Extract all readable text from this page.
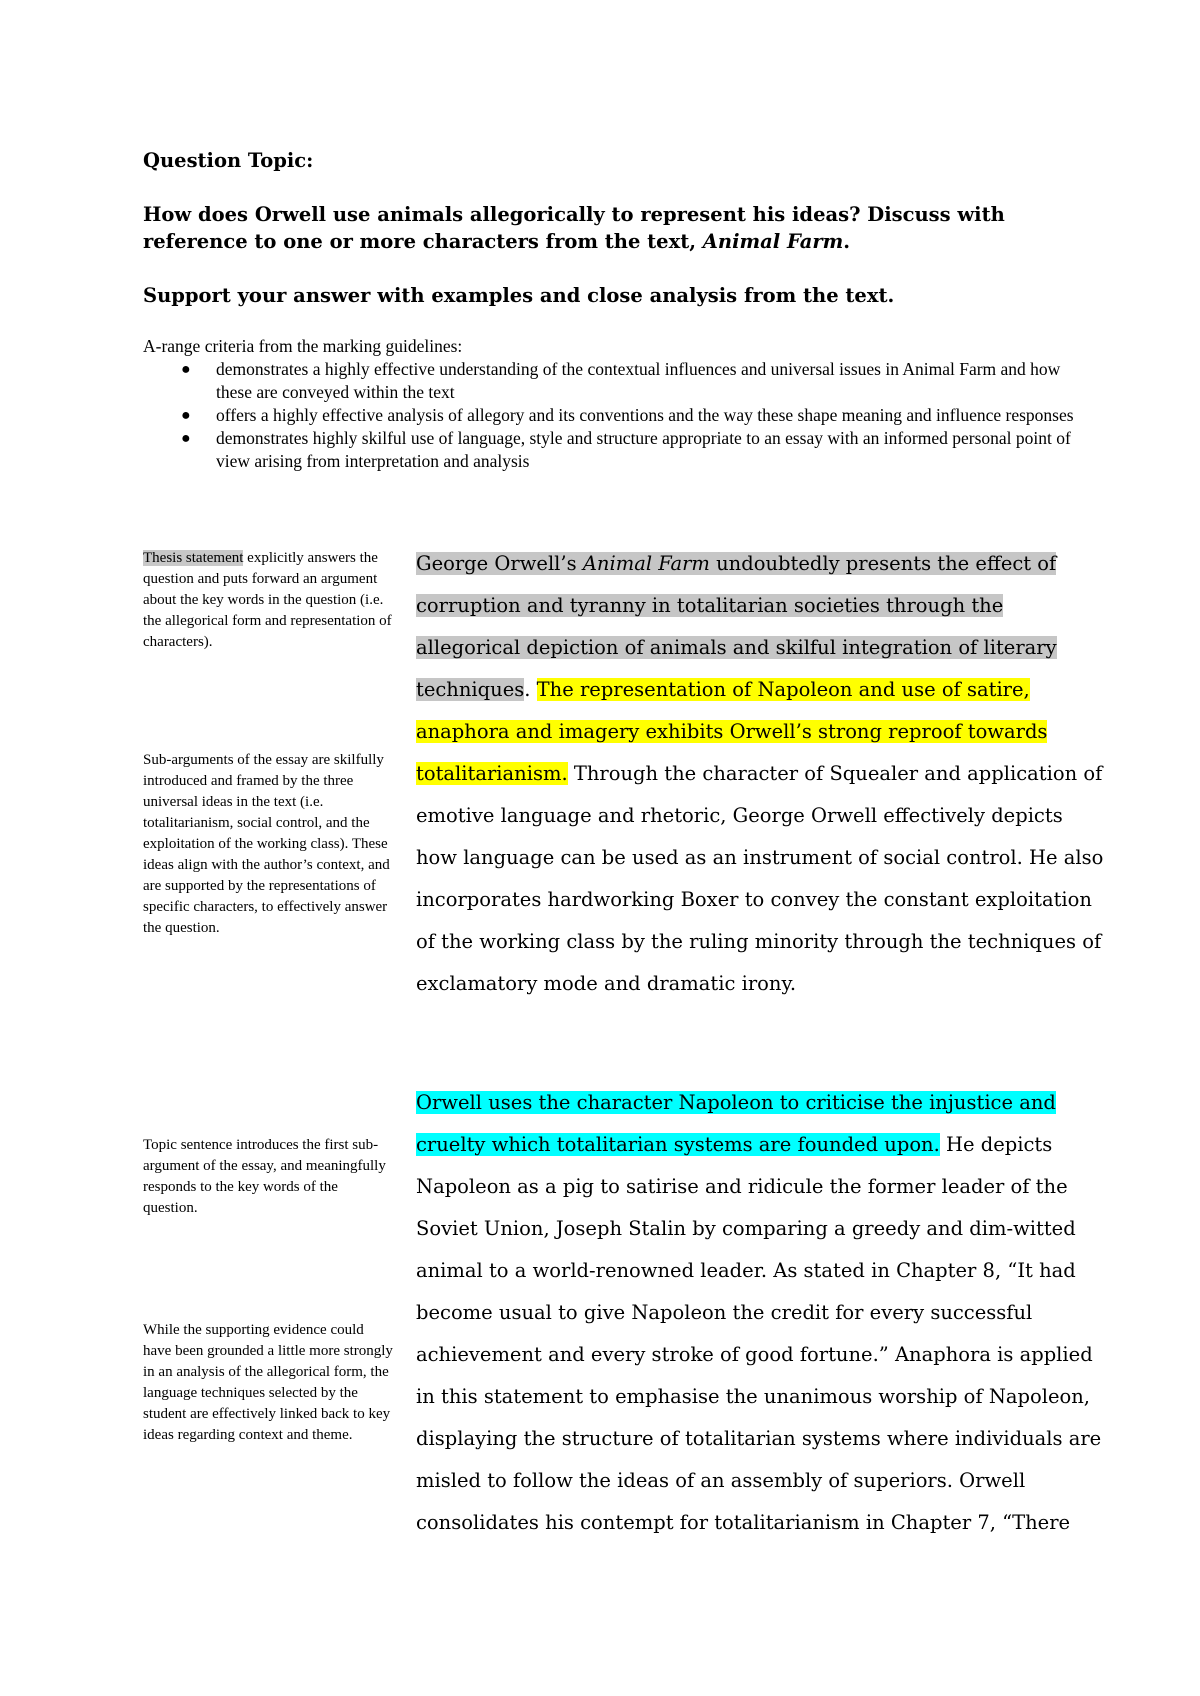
Question Topic:
How does Orwell use animals allegorically to represent his ideas? Discuss with reference to one or more characters from the text, Animal Farm.
Support your answer with examples and close analysis from the text.
A-range criteria from the marking guidelines:
● demonstrates a highly effective understanding of the contextual influences and universal issues in Animal Farm and how these are conveyed within the text
● offers a highly effective analysis of allegory and its conventions and the way these shape meaning and influence responses
● demonstrates highly skilful use of language, style and structure appropriate to an essay with an informed personal point of view arising from interpretation and analysis
Thesis statement explicitly answers the question and puts forward an argument about the key words in the question (i.e. the allegorical form and representation of characters).
Sub-arguments of the essay are skilfully introduced and framed by the three universal ideas in the text (i.e. totalitarianism, social control, and the exploitation of the working class). These ideas align with the author’s context, and are supported by the representations of specific characters, to effectively answer the question.
Topic sentence introduces the first sub-argument of the essay, and meaningfully responds to the key words of the question.
While the supporting evidence could have been grounded a little more strongly in an analysis of the allegorical form, the language techniques selected by the student are effectively linked back to key ideas regarding context and theme.
George Orwell’s Animal Farm undoubtedly presents the effect of corruption and tyranny in totalitarian societies through the allegorical depiction of animals and skilful integration of literary techniques. The representation of Napoleon and use of satire, anaphora and imagery exhibits Orwell’s strong reproof towards totalitarianism. Through the character of Squealer and application of emotive language and rhetoric, George Orwell effectively depicts how language can be used as an instrument of social control. He also incorporates hardworking Boxer to convey the constant exploitation of the working class by the ruling minority through the techniques of exclamatory mode and dramatic irony.
Orwell uses the character Napoleon to criticise the injustice and cruelty which totalitarian systems are founded upon. He depicts Napoleon as a pig to satirise and ridicule the former leader of the Soviet Union, Joseph Stalin by comparing a greedy and dim-witted animal to a world-renowned leader. As stated in Chapter 8, “It had become usual to give Napoleon the credit for every successful achievement and every stroke of good fortune.” Anaphora is applied in this statement to emphasise the unanimous worship of Napoleon, displaying the structure of totalitarian systems where individuals are misled to follow the ideas of an assembly of superiors. Orwell consolidates his contempt for totalitarianism in Chapter 7, “There
